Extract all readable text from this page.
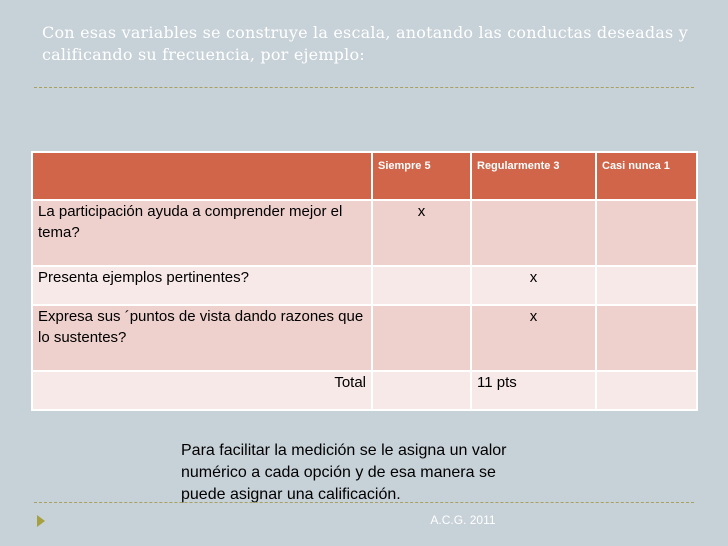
Con esas variables se construye la escala, anotando las conductas deseadas y calificando su frecuencia, por ejemplo:
	Siempre 5	Regularmente 3	Casi nunca 1
La participación ayuda a comprender mejor el tema?	x		
Presenta ejemplos pertinentes?		x	
Expresa sus ´puntos de vista dando razones que lo sustentes?		x	
Total		11 pts	

Para facilitar la medición se le asigna un valor numérico a cada opción y de esa manera se puede asignar una calificación.

A.C.G. 2011
